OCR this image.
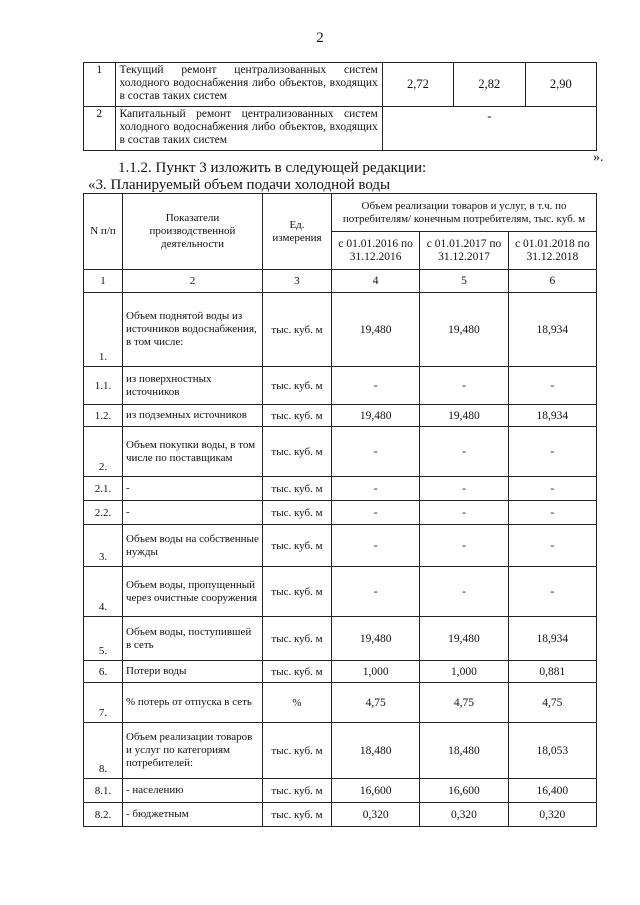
2
1	Текущий ремонт централизованных систем холодного водоснабжения либо объектов, входящих в состав таких систем	2,72	2,82	2,90
2	Капитальный ремонт централизованных систем холодного водоснабжения либо объектов, входящих в состав таких систем	-		
».
1.1.2. Пункт 3 изложить в следующей редакции:
«3. Планируемый объем подачи холодной воды
N п/п	Показатели производственной деятельности	Ед. измерения	Объем реализации товаров и услуг, в т.ч. по потребителям/ конечным потребителям, тыс. куб. м		
			с 01.01.2016 по 31.12.2016	с 01.01.2017 по 31.12.2017	с 01.01.2018 по 31.12.2018
1	2	3	4	5	6
1.	Объем поднятой воды из источников водоснабжения, в том числе:	тыс. куб. м	19,480	19,480	18,934
1.1.	из поверхностных источников	тыс. куб. м	-	-	-
1.2.	из подземных источников	тыс. куб. м	19,480	19,480	18,934
2.	Объем покупки воды, в том числе по поставщикам	тыс. куб. м	-	-	-
2.1.	-	тыс. куб. м	-	-	-
2.2.	-	тыс. куб. м	-	-	-
3.	Объем воды на собственные нужды	тыс. куб. м	-	-	-
4.	Объем воды, пропущенный через очистные сооружения	тыс. куб. м	-	-	-
5.	Объем воды, поступившей в сеть	тыс. куб. м	19,480	19,480	18,934
6.	Потери воды	тыс. куб. м	1,000	1,000	0,881
7.	% потерь от отпуска в сеть	%	4,75	4,75	4,75
8.	Объем реализации товаров и услуг по категориям потребителей:	тыс. куб. м	18,480	18,480	18,053
8.1.	- населению	тыс. куб. м	16,600	16,600	16,400
8.2.	- бюджетным	тыс. куб. м	0,320	0,320	0,320
